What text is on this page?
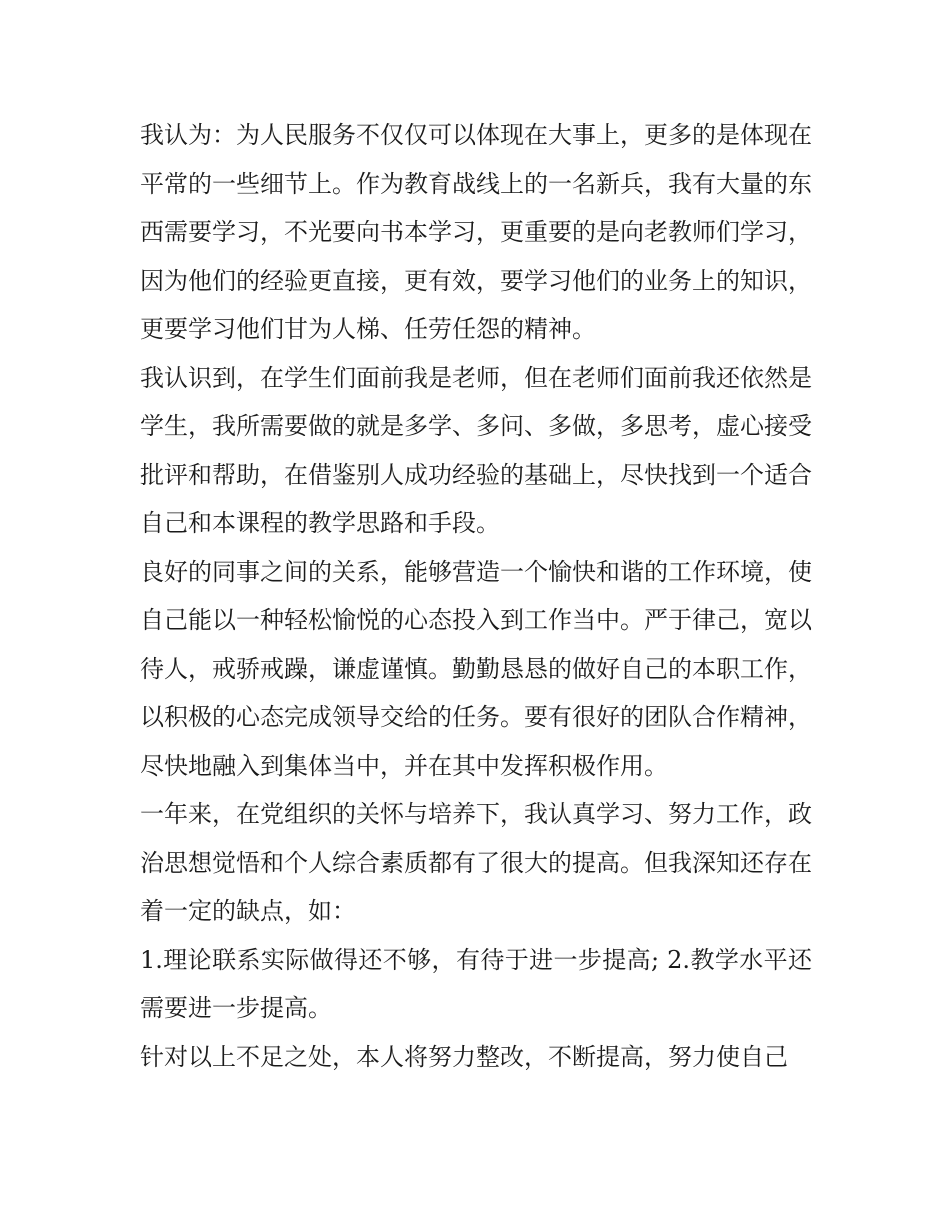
我认为：为人民服务不仅仅可以体现在大事上，更多的是体现在平常的一些细节上。作为教育战线上的一名新兵，我有大量的东西需要学习，不光要向书本学习，更重要的是向老教师们学习，因为他们的经验更直接，更有效，要学习他们的业务上的知识，更要学习他们甘为人梯、任劳任怨的精神。

我认识到，在学生们面前我是老师，但在老师们面前我还依然是学生，我所需要做的就是多学、多问、多做，多思考，虚心接受批评和帮助，在借鉴别人成功经验的基础上，尽快找到一个适合自己和本课程的教学思路和手段。

良好的同事之间的关系，能够营造一个愉快和谐的工作环境，使自己能以一种轻松愉悦的心态投入到工作当中。严于律己，宽以待人，戒骄戒躁，谦虚谨慎。勤勤恳恳的做好自己的本职工作，以积极的心态完成领导交给的任务。要有很好的团队合作精神，尽快地融入到集体当中，并在其中发挥积极作用。

一年来，在党组织的关怀与培养下，我认真学习、努力工作，政治思想觉悟和个人综合素质都有了很大的提高。但我深知还存在着一定的缺点，如：

1.理论联系实际做得还不够，有待于进一步提高; 2.教学水平还需要进一步提高。

针对以上不足之处，本人将努力整改，不断提高，努力使自己
